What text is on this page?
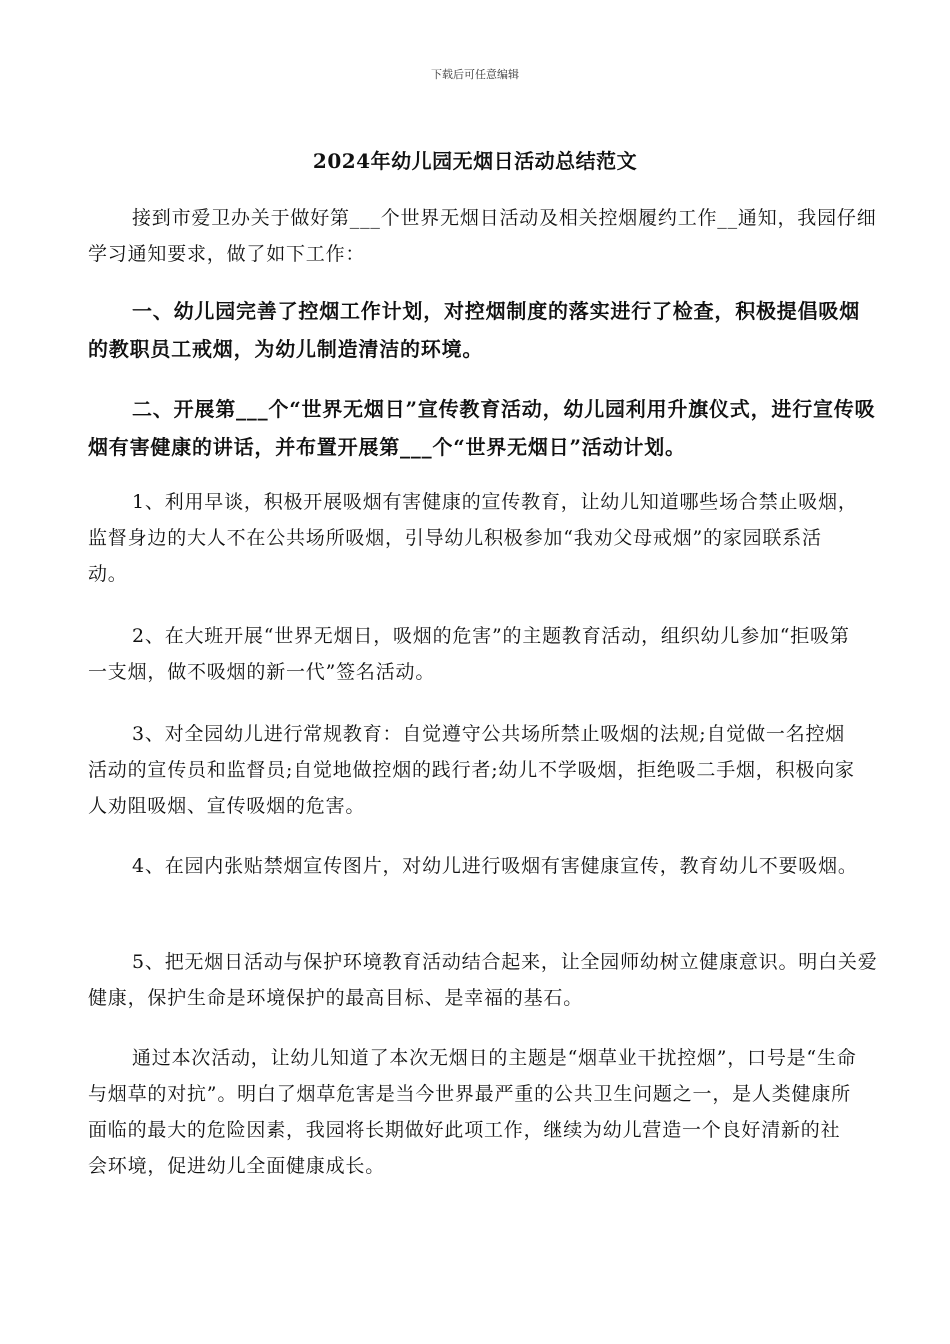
下载后可任意编辑
2024年幼儿园无烟日活动总结范文

接到市爱卫办关于做好第___个世界无烟日活动及相关控烟履约工作__通知，我园仔细学习通知要求，做了如下工作：

一、幼儿园完善了控烟工作计划，对控烟制度的落实进行了检查，积极提倡吸烟的教职员工戒烟，为幼儿制造清洁的环境。

二、开展第___个“世界无烟日”宣传教育活动，幼儿园利用升旗仪式，进行宣传吸烟有害健康的讲话，并布置开展第___个“世界无烟日”活动计划。

1、利用早谈，积极开展吸烟有害健康的宣传教育，让幼儿知道哪些场合禁止吸烟，监督身边的大人不在公共场所吸烟，引导幼儿积极参加“我劝父母戒烟”的家园联系活动。

2、在大班开展“世界无烟日，吸烟的危害”的主题教育活动，组织幼儿参加“拒吸第一支烟，做不吸烟的新一代”签名活动。

3、对全园幼儿进行常规教育：自觉遵守公共场所禁止吸烟的法规;自觉做一名控烟活动的宣传员和监督员;自觉地做控烟的践行者;幼儿不学吸烟，拒绝吸二手烟，积极向家人劝阻吸烟、宣传吸烟的危害。

4、在园内张贴禁烟宣传图片，对幼儿进行吸烟有害健康宣传，教育幼儿不要吸烟。

5、把无烟日活动与保护环境教育活动结合起来，让全园师幼树立健康意识。明白关爱健康，保护生命是环境保护的最高目标、是幸福的基石。

通过本次活动，让幼儿知道了本次无烟日的主题是“烟草业干扰控烟”，口号是“生命与烟草的对抗”。明白了烟草危害是当今世界最严重的公共卫生问题之一，是人类健康所面临的最大的危险因素，我园将长期做好此项工作，继续为幼儿营造一个良好清新的社会环境，促进幼儿全面健康成长。
